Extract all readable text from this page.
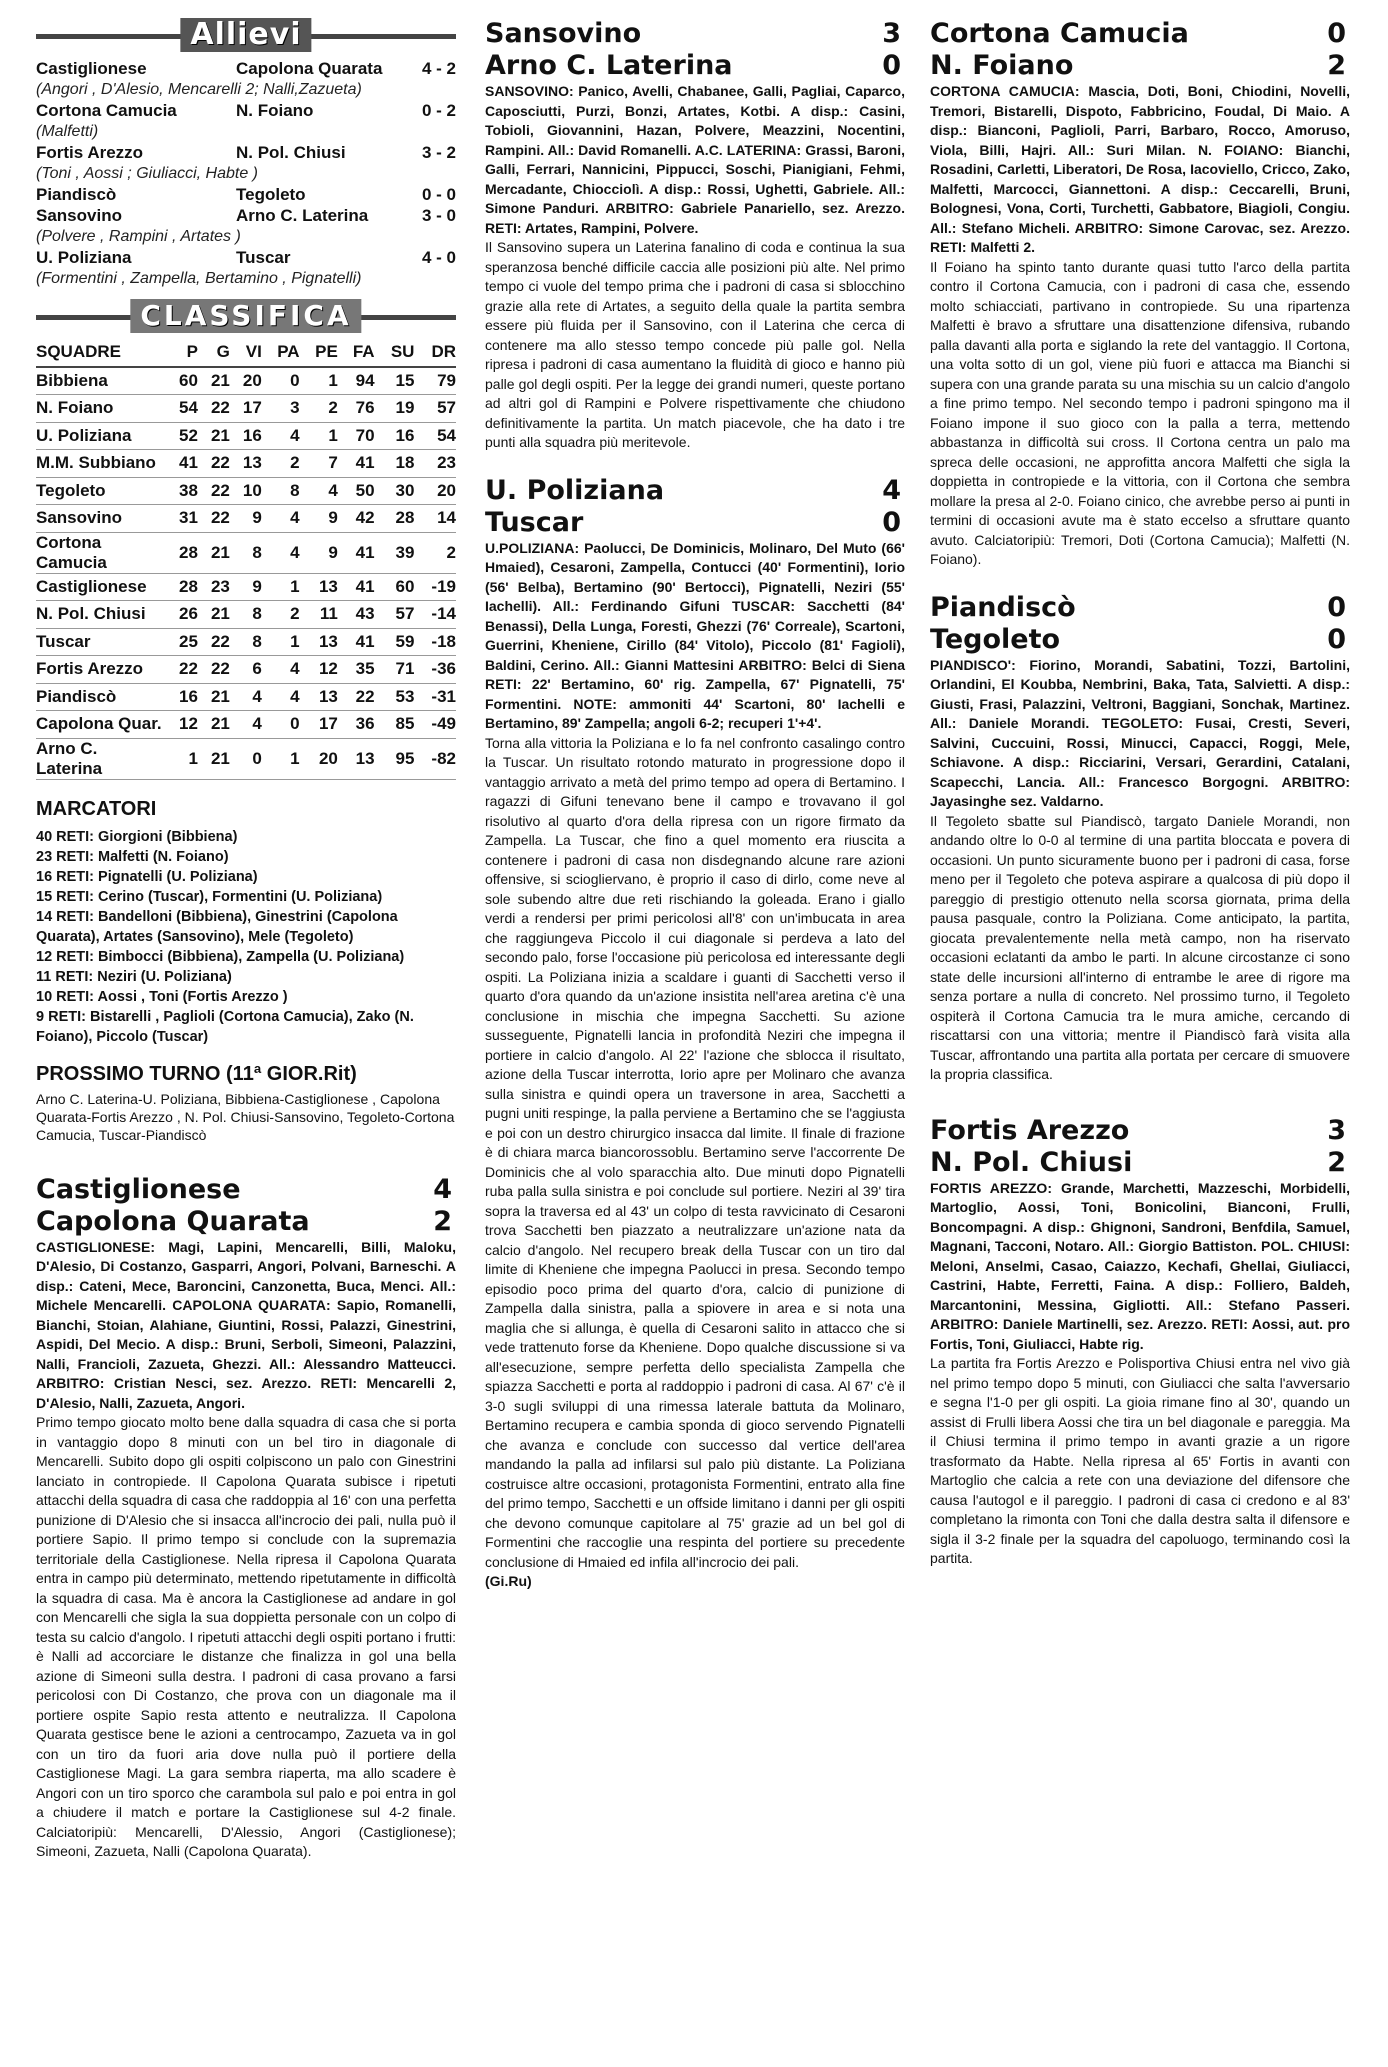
Allievi
Castiglionese	Capolona Quarata	4 - 2
(Angori , D'Alesio, Mencarelli 2; Nalli,Zazueta)
Cortona Camucia	N. Foiano	0 - 2
(Malfetti)
Fortis Arezzo	N. Pol. Chiusi	3 - 2
(Toni , Aossi ; Giuliacci, Habte )
Piandiscò	Tegoleto	0 - 0
Sansovino	Arno C. Laterina	3 - 0
(Polvere , Rampini , Artates )
U. Poliziana	Tuscar	4 - 0
(Formentini , Zampella, Bertamino , Pignatelli)
CLASSIFICA
SQUADRE	P	G	VI	PA	PE	FA	SU	DR
Bibbiena	60	21	20	0	1	94	15	79
N. Foiano	54	22	17	3	2	76	19	57
U. Poliziana	52	21	16	4	1	70	16	54
M.M. Subbiano	41	22	13	2	7	41	18	23
Tegoleto	38	22	10	8	4	50	30	20
Sansovino	31	22	9	4	9	42	28	14
Cortona Camucia	28	21	8	4	9	41	39	2
Castiglionese	28	23	9	1	13	41	60	-19
N. Pol. Chiusi	26	21	8	2	11	43	57	-14
Tuscar	25	22	8	1	13	41	59	-18
Fortis Arezzo	22	22	6	4	12	35	71	-36
Piandiscò	16	21	4	4	13	22	53	-31
Capolona Quar.	12	21	4	0	17	36	85	-49
Arno C. Laterina	1	21	0	1	20	13	95	-82
MARCATORI
40 RETI: Giorgioni (Bibbiena)
23 RETI: Malfetti (N. Foiano)
16 RETI: Pignatelli (U. Poliziana)
15 RETI: Cerino (Tuscar), Formentini (U. Poliziana)
14 RETI: Bandelloni (Bibbiena), Ginestrini (Capolona Quarata), Artates (Sansovino), Mele (Tegoleto)
12 RETI: Bimbocci (Bibbiena), Zampella (U. Poliziana)
11 RETI: Neziri (U. Poliziana)
10 RETI: Aossi , Toni (Fortis Arezzo )
9 RETI: Bistarelli , Paglioli (Cortona Camucia), Zako (N. Foiano), Piccolo (Tuscar)
PROSSIMO TURNO (11ª GIOR.Rit)
Arno C. Laterina-U. Poliziana, Bibbiena-Castiglionese , Capolona Quarata-Fortis Arezzo , N. Pol. Chiusi-Sansovino, Tegoleto-Cortona Camucia, Tuscar-Piandiscò
Castiglionese	4
Capolona Quarata	2
CASTIGLIONESE: Magi, Lapini, Mencarelli, Billi, Maloku, D'Alesio, Di Costanzo, Gasparri, Angori, Polvani, Barneschi. A disp.: Cateni, Mece, Baroncini, Canzonetta, Buca, Menci. All.: Michele Mencarelli. CAPOLONA QUARATA: Sapio, Romanelli, Bianchi, Stoian, Alahiane, Giuntini, Rossi, Palazzi, Ginestrini, Aspidi, Del Mecio. A disp.: Bruni, Serboli, Simeoni, Palazzini, Nalli, Francioli, Zazueta, Ghezzi. All.: Alessandro Matteucci. ARBITRO: Cristian Nesci, sez. Arezzo. RETI: Mencarelli 2, D'Alesio, Nalli, Zazueta, Angori.
Primo tempo giocato molto bene dalla squadra di casa che si porta in vantaggio dopo 8 minuti con un bel tiro in diagonale di Mencarelli. Subito dopo gli ospiti colpiscono un palo con Ginestrini lanciato in contropiede. Il Capolona Quarata subisce i ripetuti attacchi della squadra di casa che raddoppia al 16' con una perfetta punizione di D'Alesio che si insacca all'incrocio dei pali, nulla può il portiere Sapio. Il primo tempo si conclude con la supremazia territoriale della Castiglionese. Nella ripresa il Capolona Quarata entra in campo più determinato, mettendo ripetutamente in difficoltà la squadra di casa. Ma è ancora la Castiglionese ad andare in gol con Mencarelli che sigla la sua doppietta personale con un colpo di testa su calcio d'angolo. I ripetuti attacchi degli ospiti portano i frutti: è Nalli ad accorciare le distanze che finalizza in gol una bella azione di Simeoni sulla destra. I padroni di casa provano a farsi pericolosi con Di Costanzo, che prova con un diagonale ma il portiere ospite Sapio resta attento e neutralizza. Il Capolona Quarata gestisce bene le azioni a centrocampo, Zazueta va in gol con un tiro da fuori aria dove nulla può il portiere della Castiglionese Magi. La gara sembra riaperta, ma allo scadere è Angori con un tiro sporco che carambola sul palo e poi entra in gol a chiudere il match e portare la Castiglionese sul 4-2 finale. Calciatoripiù: Mencarelli, D'Alessio, Angori (Castiglionese); Simeoni, Zazueta, Nalli (Capolona Quarata).
Sansovino	3
Arno C. Laterina	0
SANSOVINO: Panico, Avelli, Chabanee, Galli, Pagliai, Caparco, Caposciutti, Purzi, Bonzi, Artates, Kotbi. A disp.: Casini, Tobioli, Giovannini, Hazan, Polvere, Meazzini, Nocentini, Rampini. All.: David Romanelli. A.C. LATERINA: Grassi, Baroni, Galli, Ferrari, Nannicini, Pippucci, Soschi, Pianigiani, Fehmi, Mercadante, Chiocciolì. A disp.: Rossi, Ughetti, Gabriele. All.: Simone Panduri. ARBITRO: Gabriele Panariello, sez. Arezzo. RETI: Artates, Rampini, Polvere.
Il Sansovino supera un Laterina fanalino di coda e continua la sua speranzosa benché difficile caccia alle posizioni più alte. Nel primo tempo ci vuole del tempo prima che i padroni di casa si sblocchino grazie alla rete di Artates, a seguito della quale la partita sembra essere più fluida per il Sansovino, con il Laterina che cerca di contenere ma allo stesso tempo concede più palle gol. Nella ripresa i padroni di casa aumentano la fluidità di gioco e hanno più palle gol degli ospiti. Per la legge dei grandi numeri, queste portano ad altri gol di Rampini e Polvere rispettivamente che chiudono definitivamente la partita. Un match piacevole, che ha dato i tre punti alla squadra più meritevole.
U. Poliziana	4
Tuscar	0
U.POLIZIANA: Paolucci, De Dominicis, Molinaro, Del Muto (66' Hmaied), Cesaroni, Zampella, Contucci (40' Formentini), Iorio (56' Belba), Bertamino (90' Bertocci), Pignatelli, Neziri (55' Iachelli). All.: Ferdinando Gifuni TUSCAR: Sacchetti (84' Benassi), Della Lunga, Foresti, Ghezzi (76' Correale), Scartoni, Guerrini, Kheniene, Cirillo (84' Vitolo), Piccolo (81' Fagioli), Baldini, Cerino. All.: Gianni Mattesini ARBITRO: Belci di Siena RETI: 22' Bertamino, 60' rig. Zampella, 67' Pignatelli, 75' Formentini. NOTE: ammoniti 44' Scartoni, 80' Iachelli e Bertamino, 89' Zampella; angoli 6-2; recuperi 1'+4'.
Torna alla vittoria la Poliziana e lo fa nel confronto casalingo contro la Tuscar. Un risultato rotondo maturato in progressione dopo il vantaggio arrivato a metà del primo tempo ad opera di Bertamino. I ragazzi di Gifuni tenevano bene il campo e trovavano il gol risolutivo al quarto d'ora della ripresa con un rigore firmato da Zampella. La Tuscar, che fino a quel momento era riuscita a contenere i padroni di casa non disdegnando alcune rare azioni offensive, si sciogliervano, è proprio il caso di dirlo, come neve al sole subendo altre due reti rischiando la goleada. Erano i giallo verdi a rendersi per primi pericolosi all'8' con un'imbucata in area che raggiungeva Piccolo il cui diagonale si perdeva a lato del secondo palo, forse l'occasione più pericolosa ed interessante degli ospiti. La Poliziana inizia a scaldare i guanti di Sacchetti verso il quarto d'ora quando da un'azione insistita nell'area aretina c'è una conclusione in mischia che impegna Sacchetti. Su azione susseguente, Pignatelli lancia in profondità Neziri che impegna il portiere in calcio d'angolo. Al 22' l'azione che sblocca il risultato, azione della Tuscar interrotta, Iorio apre per Molinaro che avanza sulla sinistra e quindi opera un traversone in area, Sacchetti a pugni uniti respinge, la palla perviene a Bertamino che se l'aggiusta e poi con un destro chirurgico insacca dal limite. Il finale di frazione è di chiara marca biancorossoblu. Bertamino serve l'accorrente De Dominicis che al volo sparacchia alto. Due minuti dopo Pignatelli ruba palla sulla sinistra e poi conclude sul portiere. Neziri al 39' tira sopra la traversa ed al 43' un colpo di testa ravvicinato di Cesaroni trova Sacchetti ben piazzato a neutralizzare un'azione nata da calcio d'angolo. Nel recupero break della Tuscar con un tiro dal limite di Kheniene che impegna Paolucci in presa. Secondo tempo episodio poco prima del quarto d'ora, calcio di punizione di Zampella dalla sinistra, palla a spiovere in area e si nota una maglia che si allunga, è quella di Cesaroni salito in attacco che si vede trattenuto forse da Kheniene. Dopo qualche discussione si va all'esecuzione, sempre perfetta dello specialista Zampella che spiazza Sacchetti e porta al raddoppio i padroni di casa. Al 67' c'è il 3-0 sugli sviluppi di una rimessa laterale battuta da Molinaro, Bertamino recupera e cambia sponda di gioco servendo Pignatelli che avanza e conclude con successo dal vertice dell'area mandando la palla ad infilarsi sul palo più distante. La Poliziana costruisce altre occasioni, protagonista Formentini, entrato alla fine del primo tempo, Sacchetti e un offside limitano i danni per gli ospiti che devono comunque capitolare al 75' grazie ad un bel gol di Formentini che raccoglie una respinta del portiere su precedente conclusione di Hmaied ed infila all'incrocio dei pali.
(Gi.Ru)
Cortona Camucia	0
N. Foiano	2
CORTONA CAMUCIA: Mascia, Doti, Boni, Chiodini, Novelli, Tremori, Bistarelli, Dispoto, Fabbricino, Foudal, Di Maio. A disp.: Bianconi, Paglioli, Parri, Barbaro, Rocco, Amoruso, Viola, Billi, Hajri. All.: Suri Milan. N. FOIANO: Bianchi, Rosadini, Carletti, Liberatori, De Rosa, Iacoviello, Cricco, Zako, Malfetti, Marcocci, Giannettoni. A disp.: Ceccarelli, Bruni, Bolognesi, Vona, Corti, Turchetti, Gabbatore, Biagioli, Congiu. All.: Stefano Micheli. ARBITRO: Simone Carovac, sez. Arezzo. RETI: Malfetti 2.
Il Foiano ha spinto tanto durante quasi tutto l'arco della partita contro il Cortona Camucia, con i padroni di casa che, essendo molto schiacciati, partivano in contropiede. Su una ripartenza Malfetti è bravo a sfruttare una disattenzione difensiva, rubando palla davanti alla porta e siglando la rete del vantaggio. Il Cortona, una volta sotto di un gol, viene più fuori e attacca ma Bianchi si supera con una grande parata su una mischia su un calcio d'angolo a fine primo tempo. Nel secondo tempo i padroni spingono ma il Foiano impone il suo gioco con la palla a terra, mettendo abbastanza in difficoltà sui cross. Il Cortona centra un palo ma spreca delle occasioni, ne approfitta ancora Malfetti che sigla la doppietta in contropiede e la vittoria, con il Cortona che sembra mollare la presa al 2-0. Foiano cinico, che avrebbe perso ai punti in termini di occasioni avute ma è stato eccelso a sfruttare quanto avuto. Calciatoripiù: Tremori, Doti (Cortona Camucia); Malfetti (N. Foiano).
Piandiscò	0
Tegoleto	0
PIANDISCO': Fiorino, Morandi, Sabatini, Tozzi, Bartolini, Orlandini, El Koubba, Nembrini, Baka, Tata, Salvietti. A disp.: Giusti, Frasi, Palazzini, Veltroni, Baggiani, Sonchak, Martinez. All.: Daniele Morandi. TEGOLETO: Fusai, Cresti, Severi, Salvini, Cuccuini, Rossi, Minucci, Capacci, Roggi, Mele, Schiavone. A disp.: Ricciarini, Versari, Gerardini, Catalani, Scapecchi, Lancia. All.: Francesco Borgogni. ARBITRO: Jayasinghe sez. Valdarno.
Il Tegoleto sbatte sul Piandiscò, targato Daniele Morandi, non andando oltre lo 0-0 al termine di una partita bloccata e povera di occasioni. Un punto sicuramente buono per i padroni di casa, forse meno per il Tegoleto che poteva aspirare a qualcosa di più dopo il pareggio di prestigio ottenuto nella scorsa giornata, prima della pausa pasquale, contro la Poliziana. Come anticipato, la partita, giocata prevalentemente nella metà campo, non ha riservato occasioni eclatanti da ambo le parti. In alcune circostanze ci sono state delle incursioni all'interno di entrambe le aree di rigore ma senza portare a nulla di concreto. Nel prossimo turno, il Tegoleto ospiterà il Cortona Camucia tra le mura amiche, cercando di riscattarsi con una vittoria; mentre il Piandiscò farà visita alla Tuscar, affrontando una partita alla portata per cercare di smuovere la propria classifica.
Fortis Arezzo	3
N. Pol. Chiusi	2
FORTIS AREZZO: Grande, Marchetti, Mazzeschi, Morbidelli, Martoglio, Aossi, Toni, Bonicolini, Bianconi, Frulli, Boncompagni. A disp.: Ghignoni, Sandroni, Benfdila, Samuel, Magnani, Tacconi, Notaro. All.: Giorgio Battiston. POL. CHIUSI: Meloni, Anselmi, Casao, Caiazzo, Kechafi, Ghellai, Giuliacci, Castrini, Habte, Ferretti, Faina. A disp.: Folliero, Baldeh, Marcantonini, Messina, Gigliotti. All.: Stefano Passeri. ARBITRO: Daniele Martinelli, sez. Arezzo. RETI: Aossi, aut. pro Fortis, Toni, Giuliacci, Habte rig.
La partita fra Fortis Arezzo e Polisportiva Chiusi entra nel vivo già nel primo tempo dopo 5 minuti, con Giuliacci che salta l'avversario e segna l'1-0 per gli ospiti. La gioia rimane fino al 30', quando un assist di Frulli libera Aossi che tira un bel diagonale e pareggia. Ma il Chiusi termina il primo tempo in avanti grazie a un rigore trasformato da Habte. Nella ripresa al 65' Fortis in avanti con Martoglio che calcia a rete con una deviazione del difensore che causa l'autogol e il pareggio. I padroni di casa ci credono e al 83' completano la rimonta con Toni che dalla destra salta il difensore e sigla il 3-2 finale per la squadra del capoluogo, terminando così la partita.
